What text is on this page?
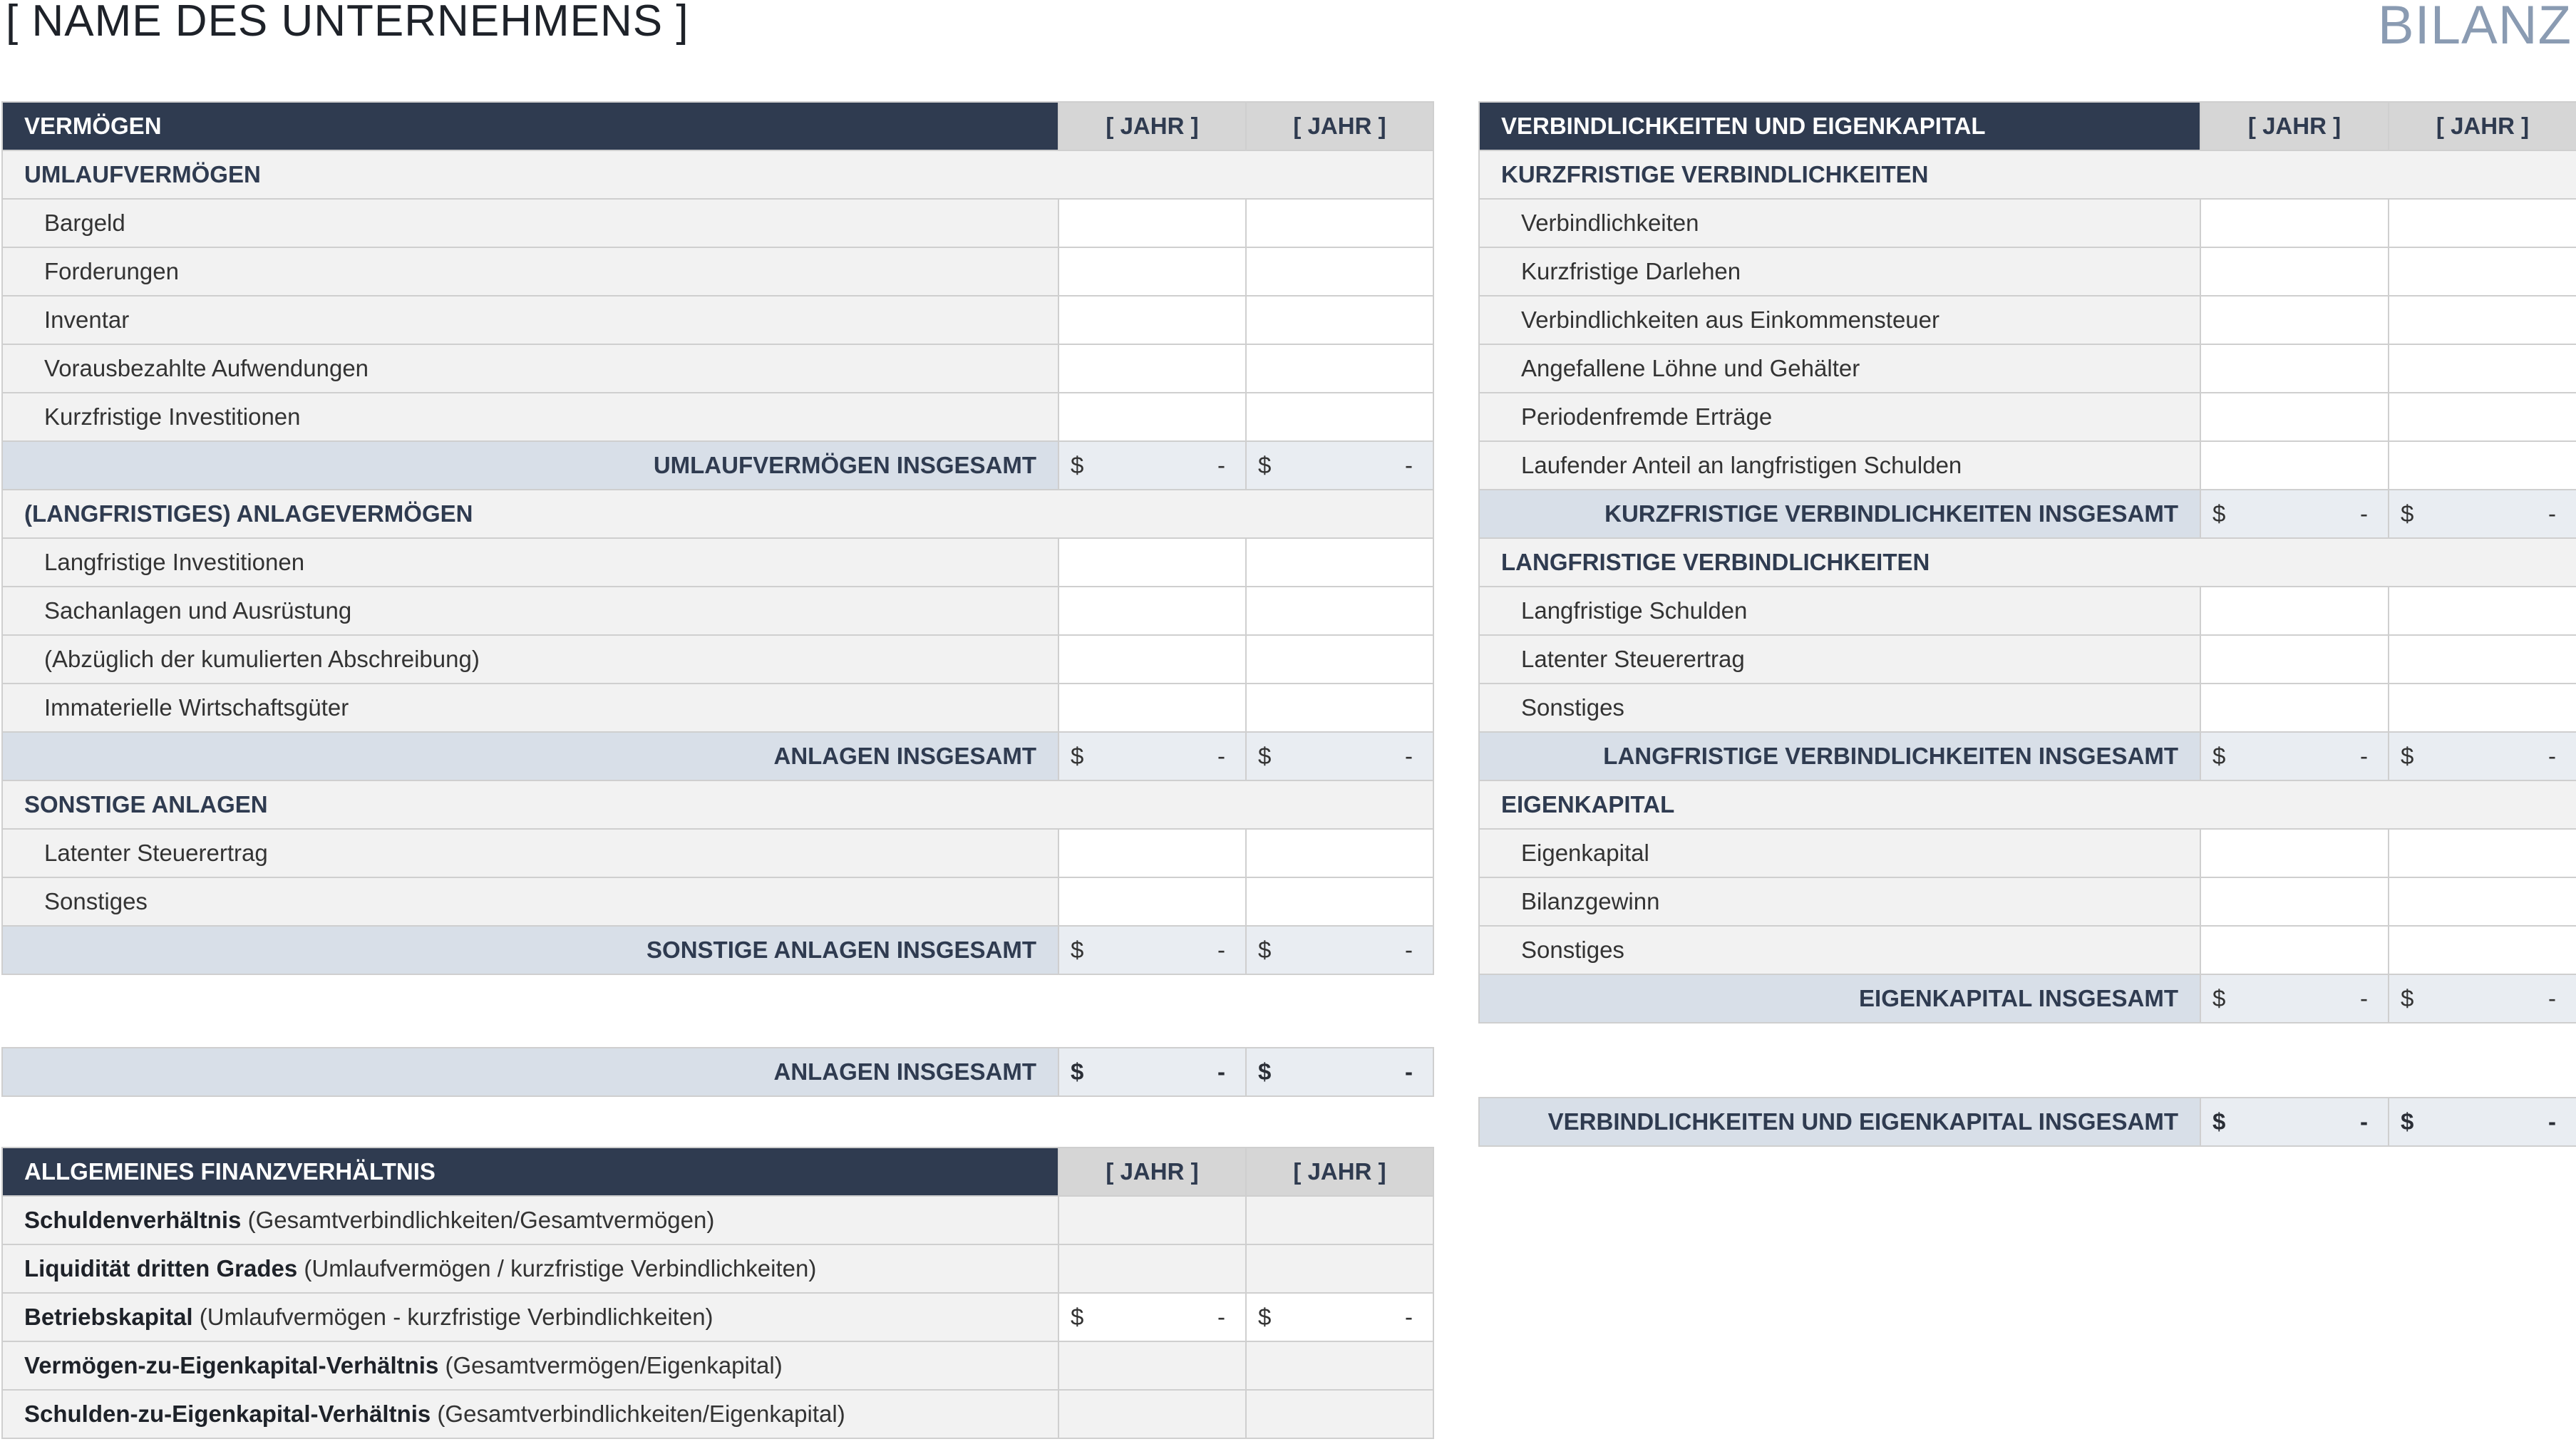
[ NAME DES UNTERNEHMENS ]	BILANZ
VERMÖGEN	[ JAHR ]	[ JAHR ]
UMLAUFVERMÖGEN		
Bargeld		
Forderungen		
Inventar		
Vorausbezahlte Aufwendungen		
Kurzfristige Investitionen		
UMLAUFVERMÖGEN INSGESAMT	$ -	$ -

(LANGFRISTIGES) ANLAGEVERMÖGEN		
Langfristige Investitionen		
Sachanlagen und Ausrüstung		
(Abzüglich der kumulierten Abschreibung)		
Immaterielle Wirtschaftsgüter		
ANLAGEN INSGESAMT	$ -	$ -

SONSTIGE ANLAGEN		
Latenter Steuerertrag		
Sonstiges		
SONSTIGE ANLAGEN INSGESAMT	$ -	$ -
ANLAGEN INSGESAMT	$	-	$	-
ALLGEMEINES FINANZVERHÄLTNIS	[ JAHR ]	[ JAHR ]
Schuldenverhältnis (Gesamtverbindlichkeiten/Gesamtvermögen)		
Liquidität dritten Grades (Umlaufvermögen / kurzfristige Verbindlichkeiten)		
Betriebskapital (Umlaufvermögen - kurzfristige Verbindlichkeiten)	$ -	$ -

Vermögen-zu-Eigenkapital-Verhältnis (Gesamtvermögen/Eigenkapital)		
Schulden-zu-Eigenkapital-Verhältnis (Gesamtverbindlichkeiten/Eigenkapital)		
VERBINDLICHKEITEN UND EIGENKAPITAL	[ JAHR ]	[ JAHR ]
KURZFRISTIGE VERBINDLICHKEITEN		
Verbindlichkeiten		
Kurzfristige Darlehen		
Verbindlichkeiten aus Einkommensteuer		
Angefallene Löhne und Gehälter		
Periodenfremde Erträge		
Laufender Anteil an langfristigen Schulden		
KURZFRISTIGE VERBINDLICHKEITEN INSGESAMT	$ -	$ -

LANGFRISTIGE VERBINDLICHKEITEN		
Langfristige Schulden		
Latenter Steuerertrag		
Sonstiges		
LANGFRISTIGE VERBINDLICHKEITEN INSGESAMT	$ -	$ -

EIGENKAPITAL		
Eigenkapital		
Bilanzgewinn		
Sonstiges		
EIGENKAPITAL INSGESAMT	$ -	$ -
VERBINDLICHKEITEN UND EIGENKAPITAL INSGESAMT	$	-	$	-
